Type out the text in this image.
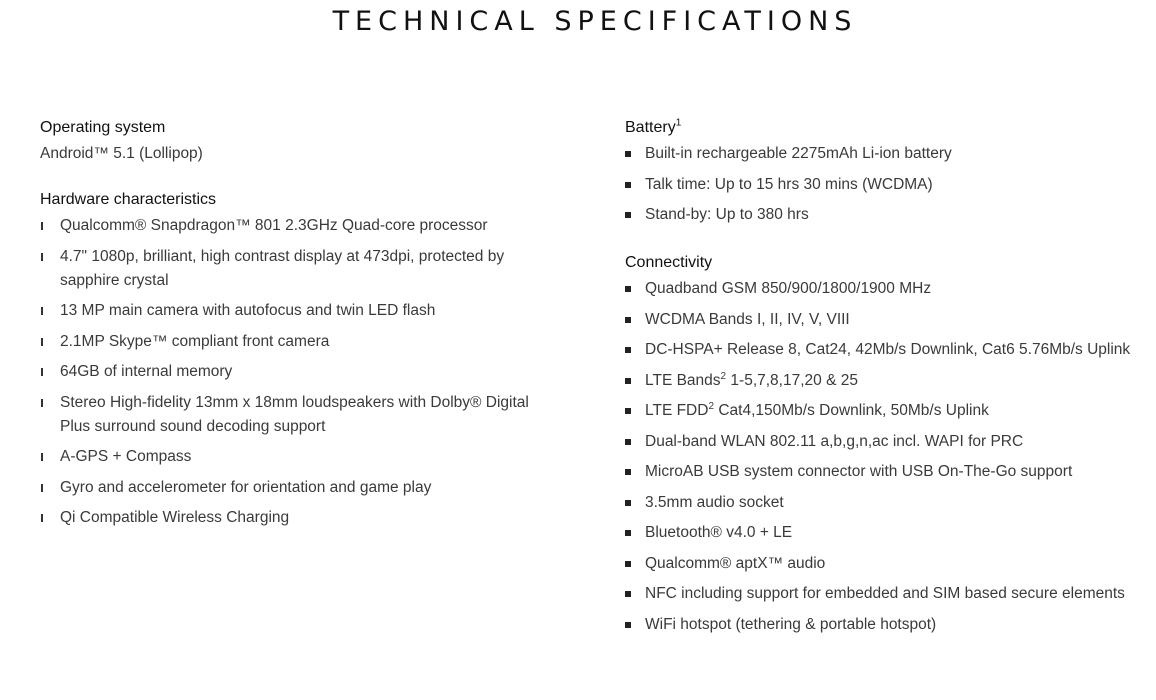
TECHNICAL SPECIFICATIONS
Operating system
Android™ 5.1 (Lollipop)
Hardware characteristics
Qualcomm® Snapdragon™ 801 2.3GHz Quad-core processor
4.7" 1080p, brilliant, high contrast display at 473dpi, protected by sapphire crystal
13 MP main camera with autofocus and twin LED flash
2.1MP Skype™ compliant front camera
64GB of internal memory
Stereo High-fidelity 13mm x 18mm loudspeakers with Dolby® Digital Plus surround sound decoding support
A-GPS + Compass
Gyro and accelerometer for orientation and game play
Qi Compatible Wireless Charging
Battery$^1$
Built-in rechargeable 2275mAh Li-ion battery
Talk time: Up to 15 hrs 30 mins (WCDMA)
Stand-by: Up to 380 hrs
Connectivity
Quadband GSM 850/900/1800/1900 MHz
WCDMA Bands I, II, IV, V, VIII
DC-HSPA+ Release 8, Cat24, 42Mb/s Downlink, Cat6 5.76Mb/s Uplink
LTE Bands$^2$ 1-5,7,8,17,20 & 25
LTE FDD$^2$ Cat4,150Mb/s Downlink, 50Mb/s Uplink
Dual-band WLAN 802.11 a,b,g,n,ac incl. WAPI for PRC
MicroAB USB system connector with USB On-The-Go support
3.5mm audio socket
Bluetooth® v4.0 + LE
Qualcomm® aptX™ audio
NFC including support for embedded and SIM based secure elements
WiFi hotspot (tethering & portable hotspot)
